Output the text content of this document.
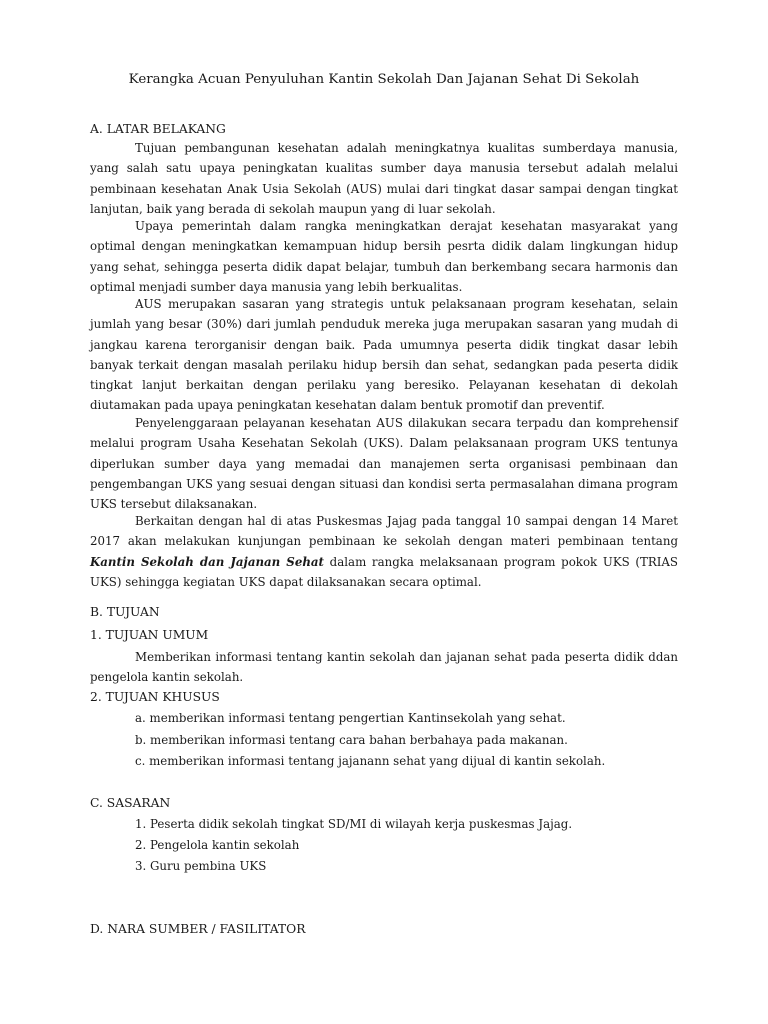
Kerangka Acuan Penyuluhan Kantin Sekolah Dan Jajanan Sehat Di Sekolah

A. LATAR BELAKANG

Tujuan pembangunan kesehatan adalah meningkatnya kualitas sumberdaya manusia, yang salah satu upaya peningkatan kualitas sumber daya manusia tersebut adalah melalui pembinaan kesehatan Anak Usia Sekolah (AUS) mulai dari tingkat dasar sampai dengan tingkat lanjutan, baik yang berada di sekolah maupun yang di luar sekolah.

Upaya pemerintah dalam rangka meningkatkan derajat kesehatan masyarakat yang optimal dengan meningkatkan kemampuan hidup bersih pesrta didik dalam lingkungan hidup yang sehat, sehingga peserta didik dapat belajar, tumbuh dan berkembang secara harmonis dan optimal menjadi sumber daya manusia yang lebih berkualitas.

AUS merupakan sasaran yang strategis untuk pelaksanaan program kesehatan, selain jumlah yang besar (30%) dari jumlah penduduk mereka juga merupakan sasaran yang mudah di jangkau karena terorganisir dengan baik. Pada umumnya peserta didik tingkat dasar lebih banyak terkait dengan masalah perilaku hidup bersih dan sehat, sedangkan pada peserta didik tingkat lanjut berkaitan dengan perilaku yang beresiko. Pelayanan kesehatan di dekolah diutamakan pada upaya peningkatan kesehatan dalam bentuk promotif dan preventif.

Penyelenggaraan pelayanan kesehatan AUS dilakukan secara terpadu dan komprehensif melalui program Usaha Kesehatan Sekolah (UKS). Dalam pelaksanaan program UKS tentunya diperlukan sumber daya yang memadai dan manajemen serta organisasi pembinaan dan pengembangan UKS yang sesuai dengan situasi dan kondisi serta permasalahan dimana program UKS tersebut dilaksanakan.

Berkaitan dengan hal di atas Puskesmas Jajag pada tanggal 10 sampai dengan 14 Maret 2017 akan melakukan kunjungan pembinaan ke sekolah dengan materi pembinaan tentang Kantin Sekolah dan Jajanan Sehat dalam rangka melaksanaan program pokok UKS (TRIAS UKS) sehingga kegiatan UKS dapat dilaksanakan secara optimal.

B. TUJUAN

1. TUJUAN UMUM

Memberikan informasi tentang kantin sekolah dan jajanan sehat pada peserta didik ddan pengelola kantin sekolah.

2. TUJUAN KHUSUS

a. memberikan informasi tentang pengertian Kantinsekolah yang sehat.

b. memberikan informasi tentang cara bahan berbahaya pada makanan.

c. memberikan informasi tentang jajanann sehat yang dijual di kantin sekolah.

C. SASARAN

1. Peserta didik sekolah tingkat SD/MI di wilayah kerja puskesmas Jajag.

2. Pengelola kantin sekolah

3. Guru pembina UKS

D. NARA SUMBER / FASILITATOR
